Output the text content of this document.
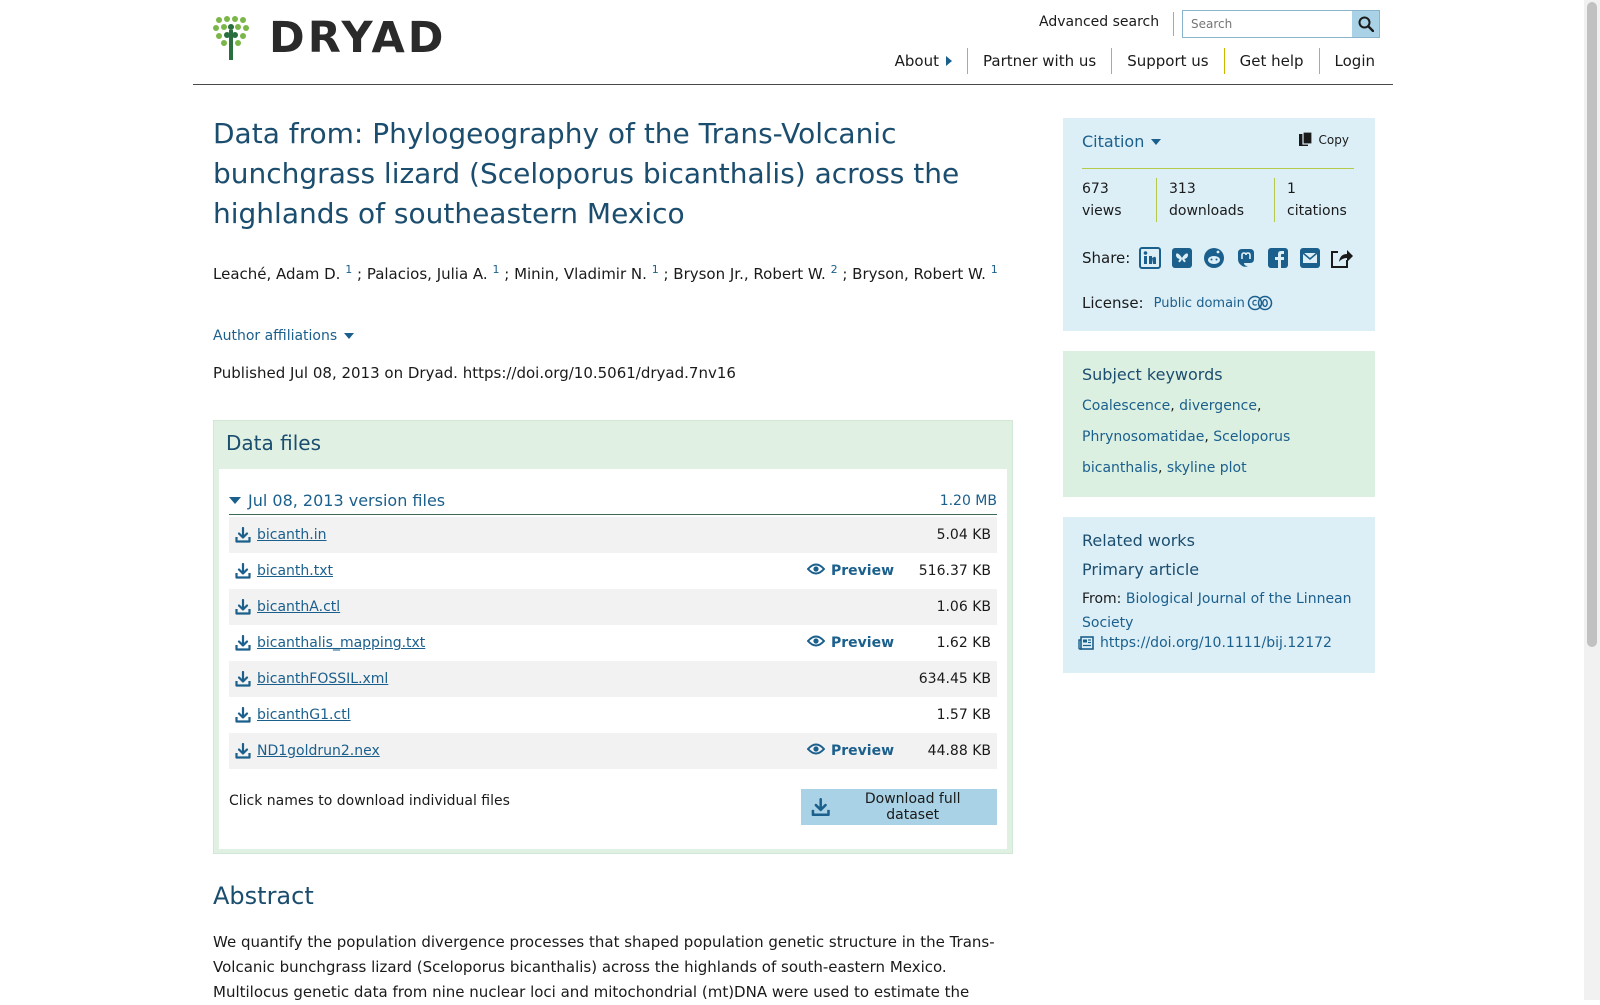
DRYAD	Advanced search
Search
About	Partner with us	Support us	Get help	Login
Data from: Phylogeography of the Trans-Volcanic bunchgrass lizard (Sceloporus bicanthalis) across the highlands of southeastern Mexico
Leaché, Adam D. $^1$ ; Palacios, Julia A. $^1$ ; Minin, Vladimir N. $^1$ ; Bryson Jr., Robert W. $^2$ ; Bryson, Robert W. $^1$
Author affiliations
Published Jul 08, 2013 on Dryad. https://doi.org/10.5061/dryad.7nv16
Data files
Jul 08, 2013 version files	1.20 MB
bicanth.in	5.04 KB
bicanth.txt	Preview 516.37 KB
bicanthA.ctl	1.06 KB
bicanthalis_mapping.txt	Preview	1.62 KB
bicanthFOSSIL.xml	634.45 KB
bicanthG1.ctl	1.57 KB
ND1goldrun2.nex	Preview 44.88 KB
Click names to download individual files	Download full dataset
Abstract

We quantify the population divergence processes that shaped population genetic structure in the Trans-Volcanic bunchgrass lizard (Sceloporus bicanthalis) across the highlands of south-eastern Mexico. Multilocus genetic data from nine nuclear loci and mitochondrial (mt)DNA were used to estimate the

Citation	Copy
673
views
313
downloads
1
citations
Share:
License: Public domain
Subject keywords
Coalescence, divergence,
Phrynosomatidae, Sceloporus bicanthalis, skyline plot
Related works
Primary article
From: Biological Journal of the Linnean Society
https://doi.org/10.1111/bij.12172
